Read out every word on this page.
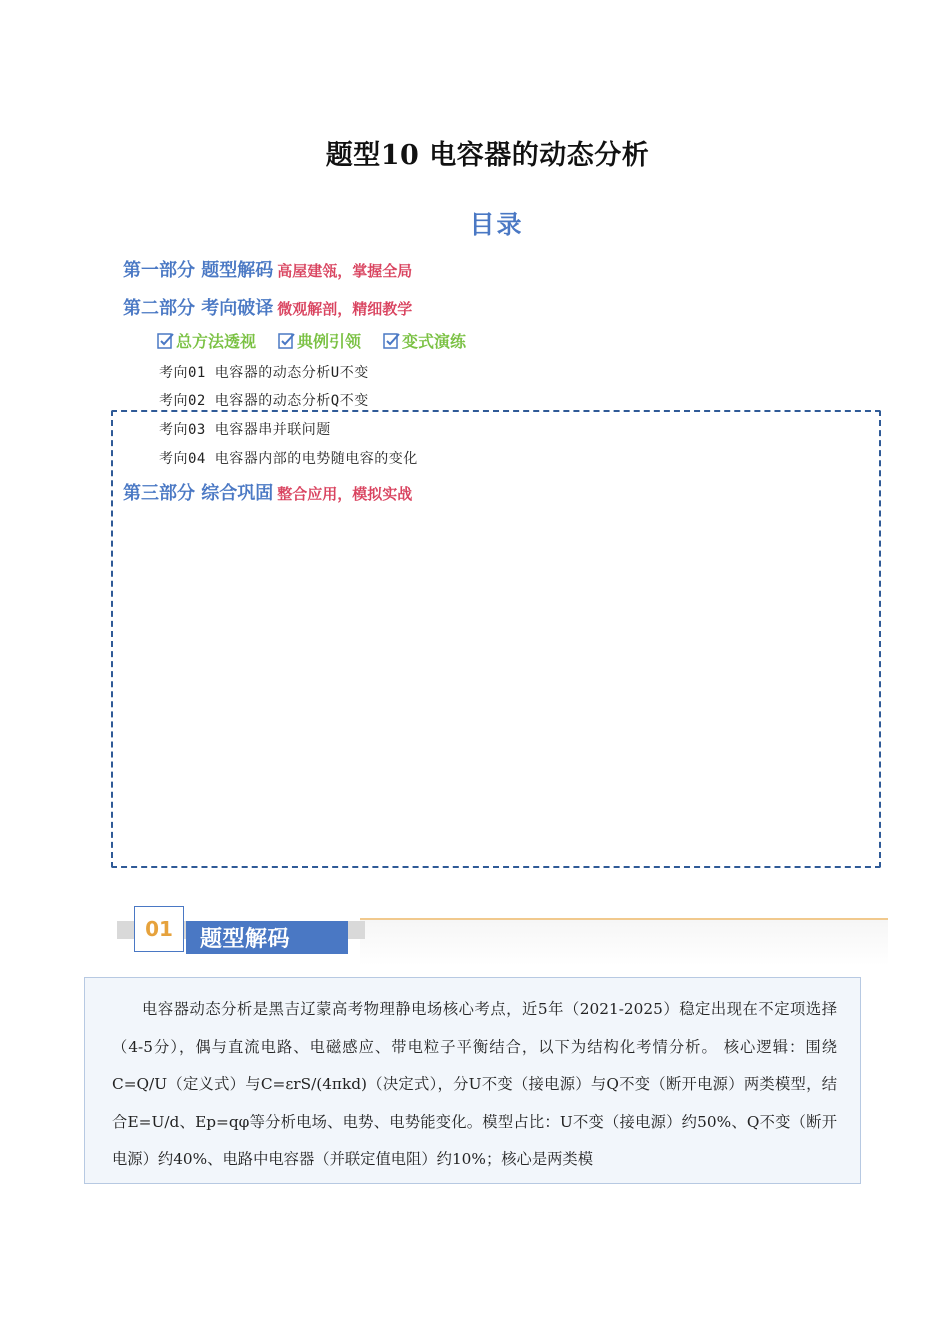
题型10 电容器的动态分析
目录
第一部分 题型解码 高屋建瓴，掌握全局
第二部分 考向破译 微观解剖，精细教学
总方法透视	典例引领	变式演练
考向01 电容器的动态分析U不变
考向02 电容器的动态分析Q不变
考向03 电容器串并联问题
考向04 电容器内部的电势随电容的变化
第三部分 综合巩固 整合应用，模拟实战
01	题型解码
电容器动态分析是黑吉辽蒙高考物理静电场核心考点，近5年（2021-2025）稳定出现在不定项选择（4-5分），偶与直流电路、电磁感应、带电粒子平衡结合，以下为结构化考情分析。 核心逻辑：围绕C=Q/U（定义式）与C=εrS/(4πkd)（决定式），分U不变（接电源）与Q不变（断开电源）两类模型，结合E=U/d、Ep=qφ等分析电场、电势、电势能变化。模型占比：U不变（接电源）约50%、Q不变（断开电源）约40%、电路中电容器（并联定值电阻）约10%；核心是两类模
